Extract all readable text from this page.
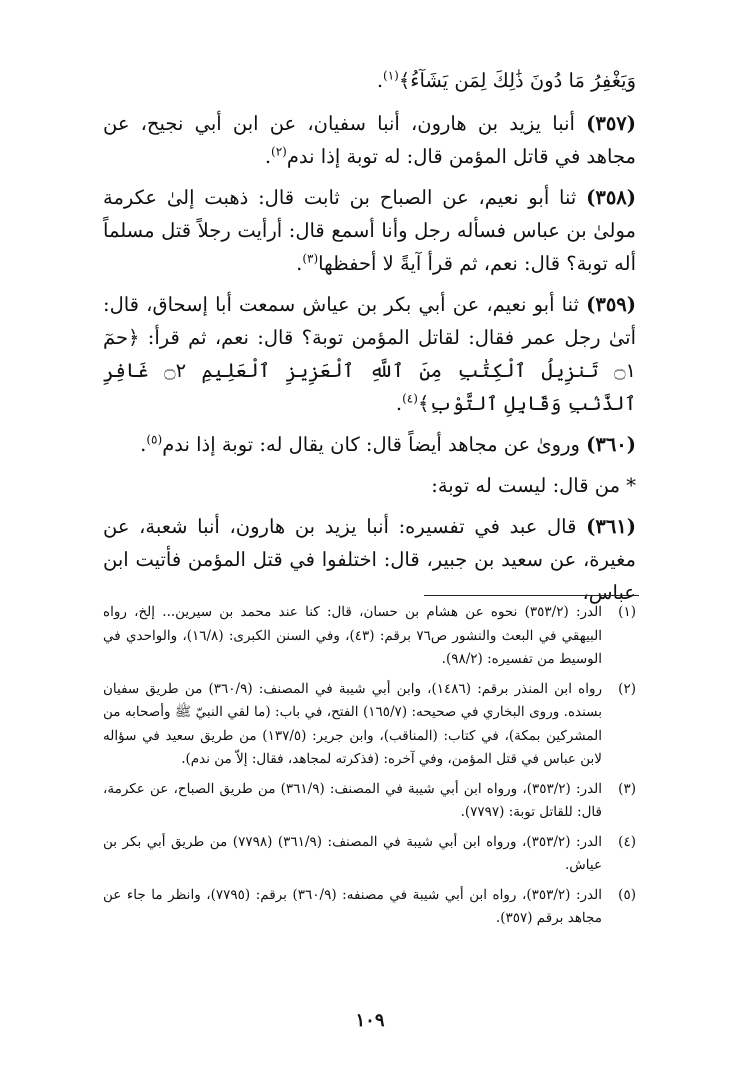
وَيَغْفِرُ مَا دُونَ ذَٰلِكَ لِمَن يَشَآءُ﴾$^{(١)}$.

(٣٥٧) أنبا يزيد بن هارون، أنبا سفيان، عن ابن أبي نجيح، عن مجاهد في قاتل المؤمن قال: له توبة إذا ندم$^{(٢)}$.

(٣٥٨) ثنا أبو نعيم، عن الصباح بن ثابت قال: ذهبت إلىٰ عكرمة مولىٰ بن عباس فسأله رجل وأنا أسمع قال: أرأيت رجلاً قتل مسلماً أله توبة؟ قال: نعم، ثم قرأ آيةً لا أحفظها$^{(٣)}$.

(٣٥٩) ثنا أبو نعيم، عن أبي بكر بن عياش سمعت أبا إسحاق، قال: أتىٰ رجل عمر فقال: لقاتل المؤمن توبة؟ قال: نعم، ثم قرأ: ﴿حمٓ ۝١ تَنزِيلُ ٱلْكِتَٰبِ مِنَ ٱللَّهِ ٱلْعَزِيزِ ٱلْعَلِيمِ ۝٢ غَافِرِ ٱلذَّنۢبِ وَقَابِلِ ٱلتَّوْبِ﴾$^{(٤)}$.

(٣٦٠) ورویٰ عن مجاهد أيضاً قال: كان يقال له: توبة إذا ندم$^{(٥)}$.

* من قال: ليست له توبة:

(٣٦١) قال عبد في تفسيره: أنبا يزيد بن هارون، أنبا شعبة، عن مغيرة، عن سعيد بن جبير، قال: اختلفوا في قتل المؤمن فأتيت ابن عباس،

(١)
الدر: (٣٥٣/٢) نحوه عن هشام بن حسان، قال: كنا عند محمد بن سيرين... إلخ، رواه البيهقي في البعث والنشور ص٧٦ برقم: (٤٣)، وفي السنن الكبرى: (١٦/٨)، والواحدي في الوسيط من تفسيره: (٩٨/٢).
(٢)
رواه ابن المنذر برقم: (١٤٨٦)، وابن أبي شيبة في المصنف: (٣٦٠/٩) من طريق سفيان بسنده. وروى البخاري في صحيحه: (١٦٥/٧) الفتح، في باب: (ما لقي النبيّ ﷺ وأصحابه من المشركين بمكة)، في كتاب: (المناقب)، وابن جرير: (١٣٧/٥) من طريق سعيد في سؤاله لابن عباس في قتل المؤمن، وفي آخره: (فذكرته لمجاهد، فقال: إلاّ من ندم).
(٣)
الدر: (٣٥٣/٢)، ورواه ابن أبي شيبة في المصنف: (٣٦١/٩) من طريق الصباح، عن عكرمة، قال: للقاتل توبة: (٧٧٩٧).
(٤)
الدر: (٣٥٣/٢)، ورواه ابن أبي شيبة في المصنف: (٣٦١/٩) (٧٧٩٨) من طريق أبي بكر بن عياش.
(٥)
الدر: (٣٥٣/٢)، رواه ابن أبي شيبة في مصنفه: (٣٦٠/٩) برقم: (٧٧٩٥)، وانظر ما جاء عن مجاهد برقم (٣٥٧).
١٠٩
